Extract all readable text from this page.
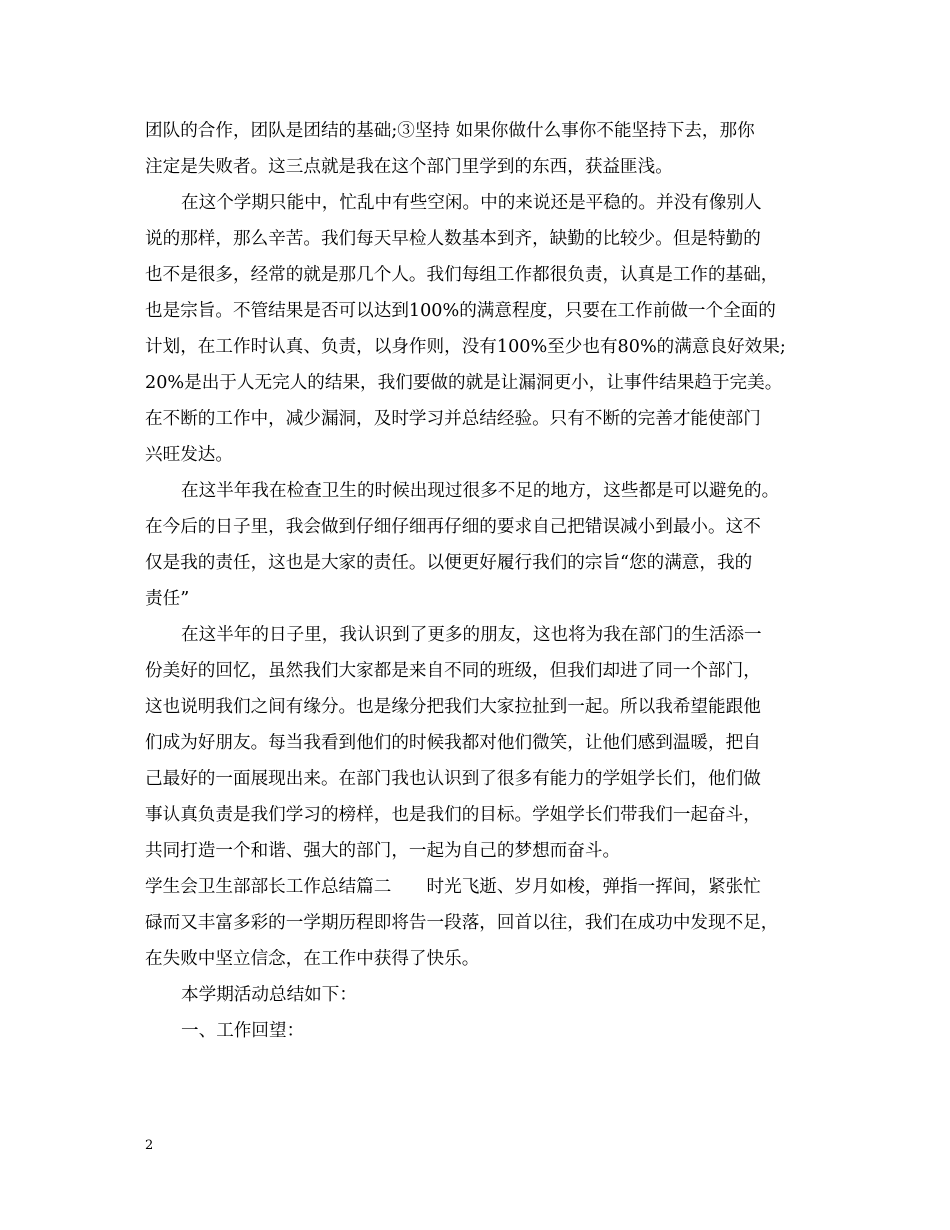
团队的合作，团队是团结的基础;③坚持 如果你做什么事你不能坚持下去，那你
注定是失败者。这三点就是我在这个部门里学到的东西，获益匪浅。
在这个学期只能中，忙乱中有些空闲。中的来说还是平稳的。并没有像别人
说的那样，那么辛苦。我们每天早检人数基本到齐，缺勤的比较少。但是特勤的
也不是很多，经常的就是那几个人。我们每组工作都很负责，认真是工作的基础，
也是宗旨。不管结果是否可以达到100%的满意程度，只要在工作前做一个全面的
计划，在工作时认真、负责，以身作则，没有100%至少也有80%的满意良好效果;
20%是出于人无完人的结果，我们要做的就是让漏洞更小，让事件结果趋于完美。
在不断的工作中，减少漏洞，及时学习并总结经验。只有不断的完善才能使部门
兴旺发达。
在这半年我在检查卫生的时候出现过很多不足的地方，这些都是可以避免的。
在今后的日子里，我会做到仔细仔细再仔细的要求自己把错误减小到最小。这不
仅是我的责任，这也是大家的责任。以便更好履行我们的宗旨“您的满意，我的
责任”
在这半年的日子里，我认识到了更多的朋友，这也将为我在部门的生活添一
份美好的回忆，虽然我们大家都是来自不同的班级，但我们却进了同一个部门，
这也说明我们之间有缘分。也是缘分把我们大家拉扯到一起。所以我希望能跟他
们成为好朋友。每当我看到他们的时候我都对他们微笑，让他们感到温暖，把自
己最好的一面展现出来。在部门我也认识到了很多有能力的学姐学长们，他们做
事认真负责是我们学习的榜样，也是我们的目标。学姐学长们带我们一起奋斗，
共同打造一个和谐、强大的部门，一起为自己的梦想而奋斗。
学生会卫生部部长工作总结篇二　　时光飞逝、岁月如梭，弹指一挥间，紧张忙
碌而又丰富多彩的一学期历程即将告一段落，回首以往，我们在成功中发现不足，
在失败中坚立信念，在工作中获得了快乐。
本学期活动总结如下：
一、工作回望：
2
